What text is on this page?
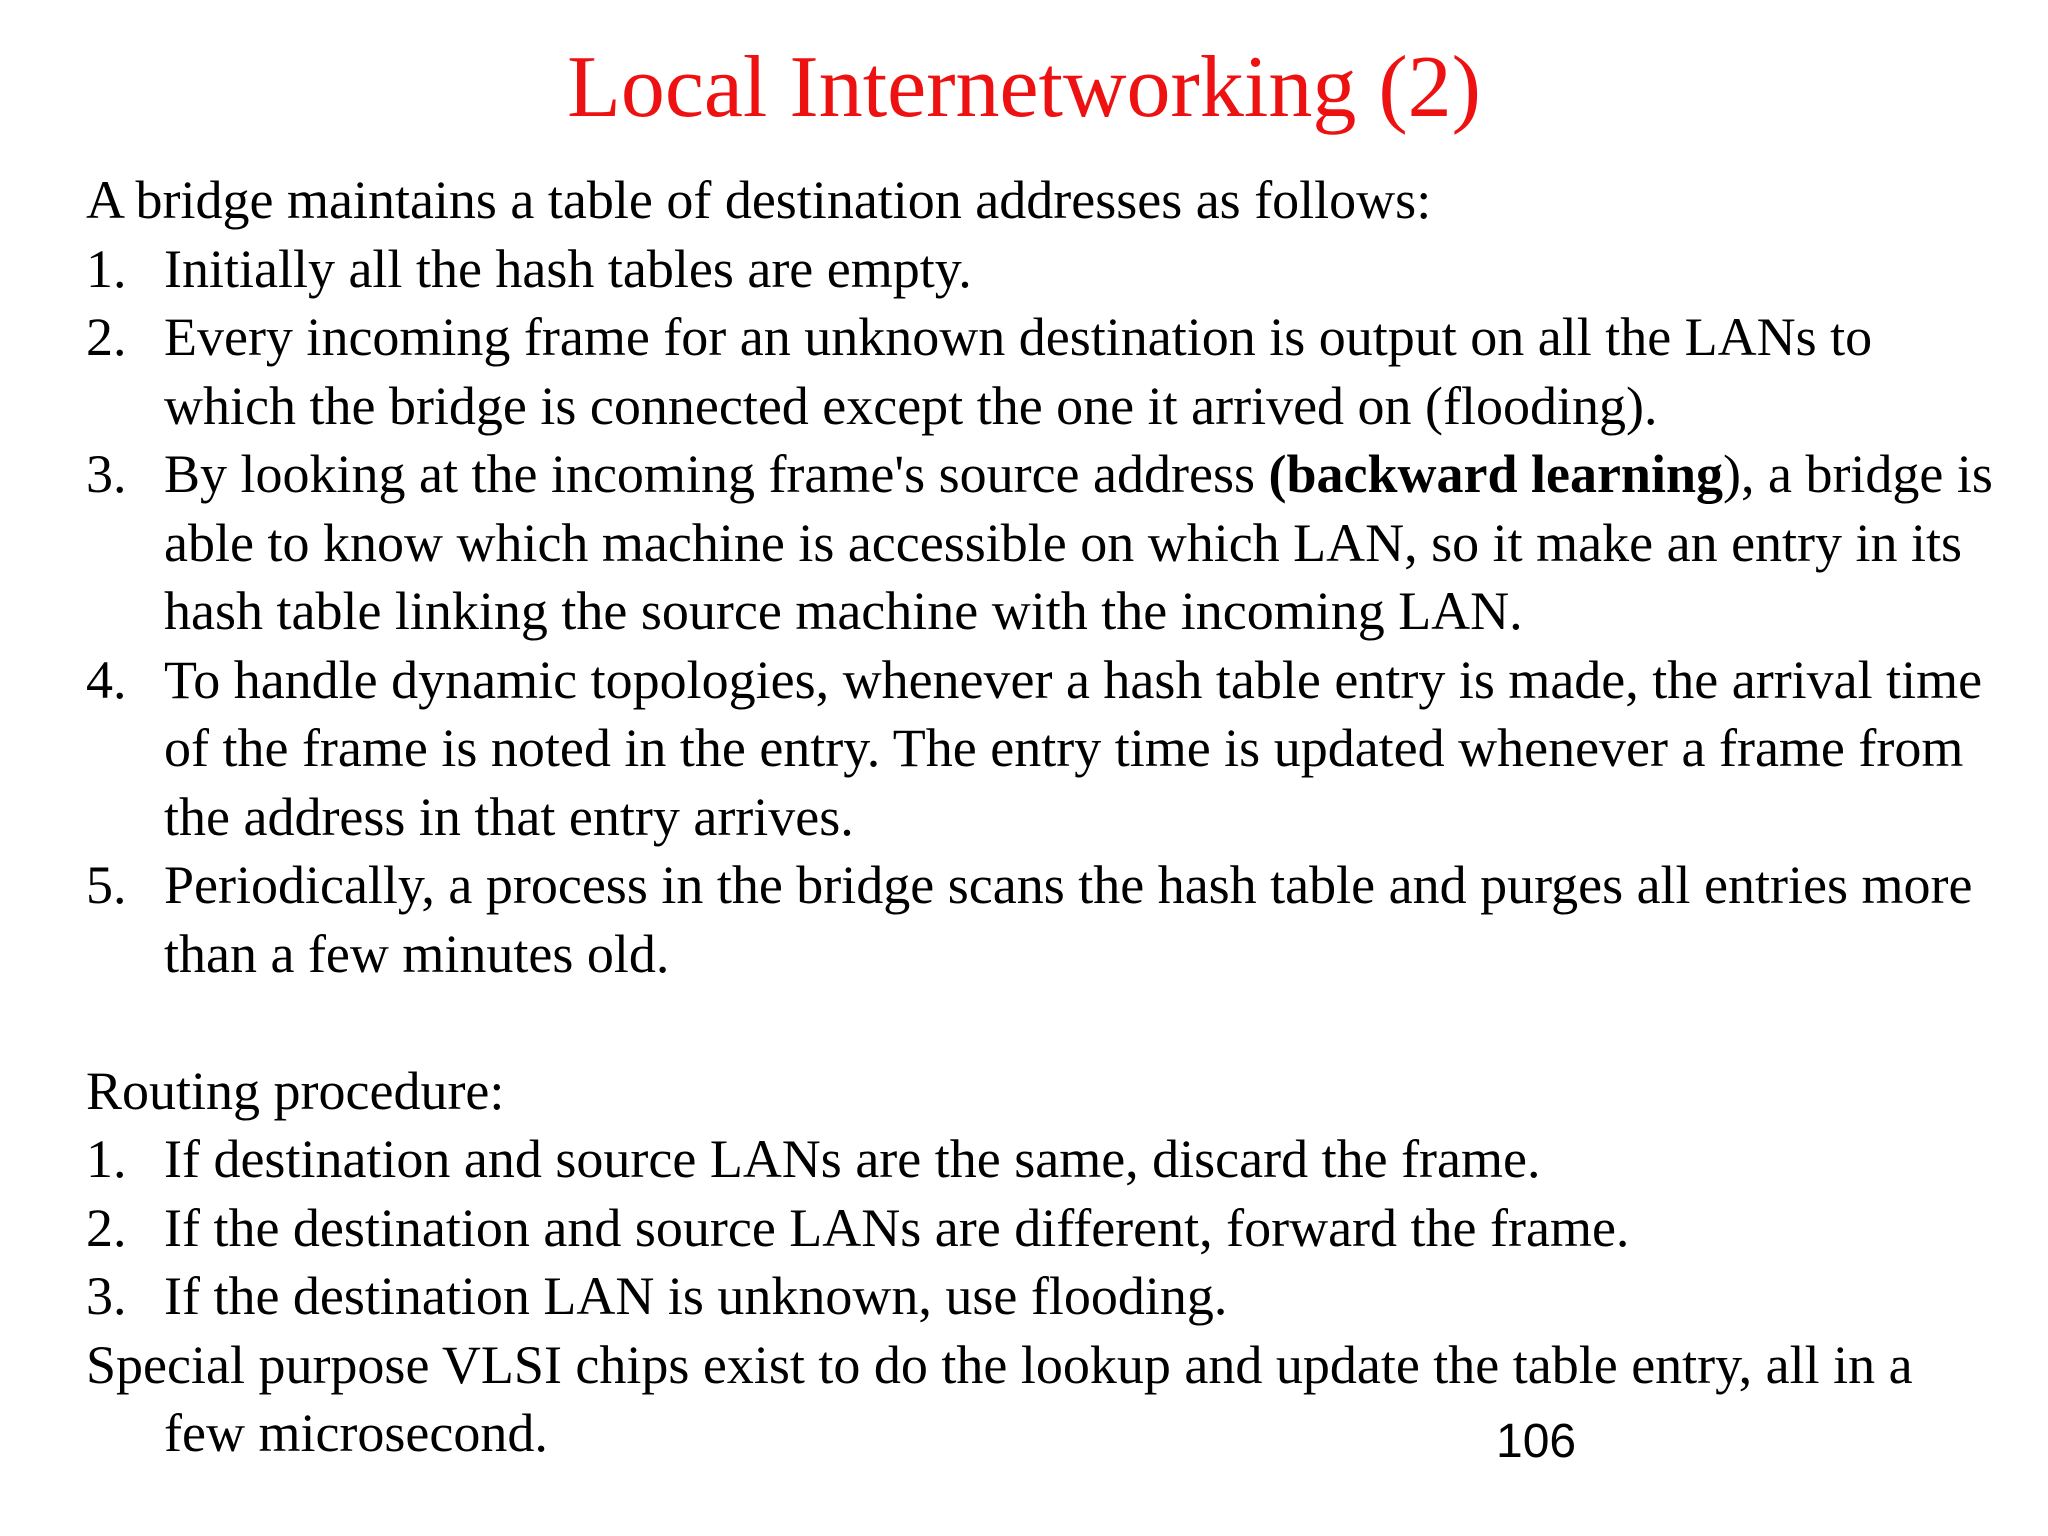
Local Internetworking (2)

A bridge maintains a table of destination addresses as follows:

1. Initially all the hash tables are empty.
2. Every incoming frame for an unknown destination is output on all the LANs to which the bridge is connected except the one it arrived on (flooding).
3. By looking at the incoming frame's source address (backward learning), a bridge is able to know which machine is accessible on which LAN, so it make an entry in its hash table linking the source machine with the incoming LAN.
4. To handle dynamic topologies, whenever a hash table entry is made, the arrival time of the frame is noted in the entry. The entry time is updated whenever a frame from the address in that entry arrives.
5. Periodically, a process in the bridge scans the hash table and purges all entries more than a few minutes old.

Routing procedure:

1. If destination and source LANs are the same, discard the frame.
2. If the destination and source LANs are different, forward the frame.
3. If the destination LAN is unknown, use flooding.

Special purpose VLSI chips exist to do the lookup and update the table entry, all in a few microsecond.	106
